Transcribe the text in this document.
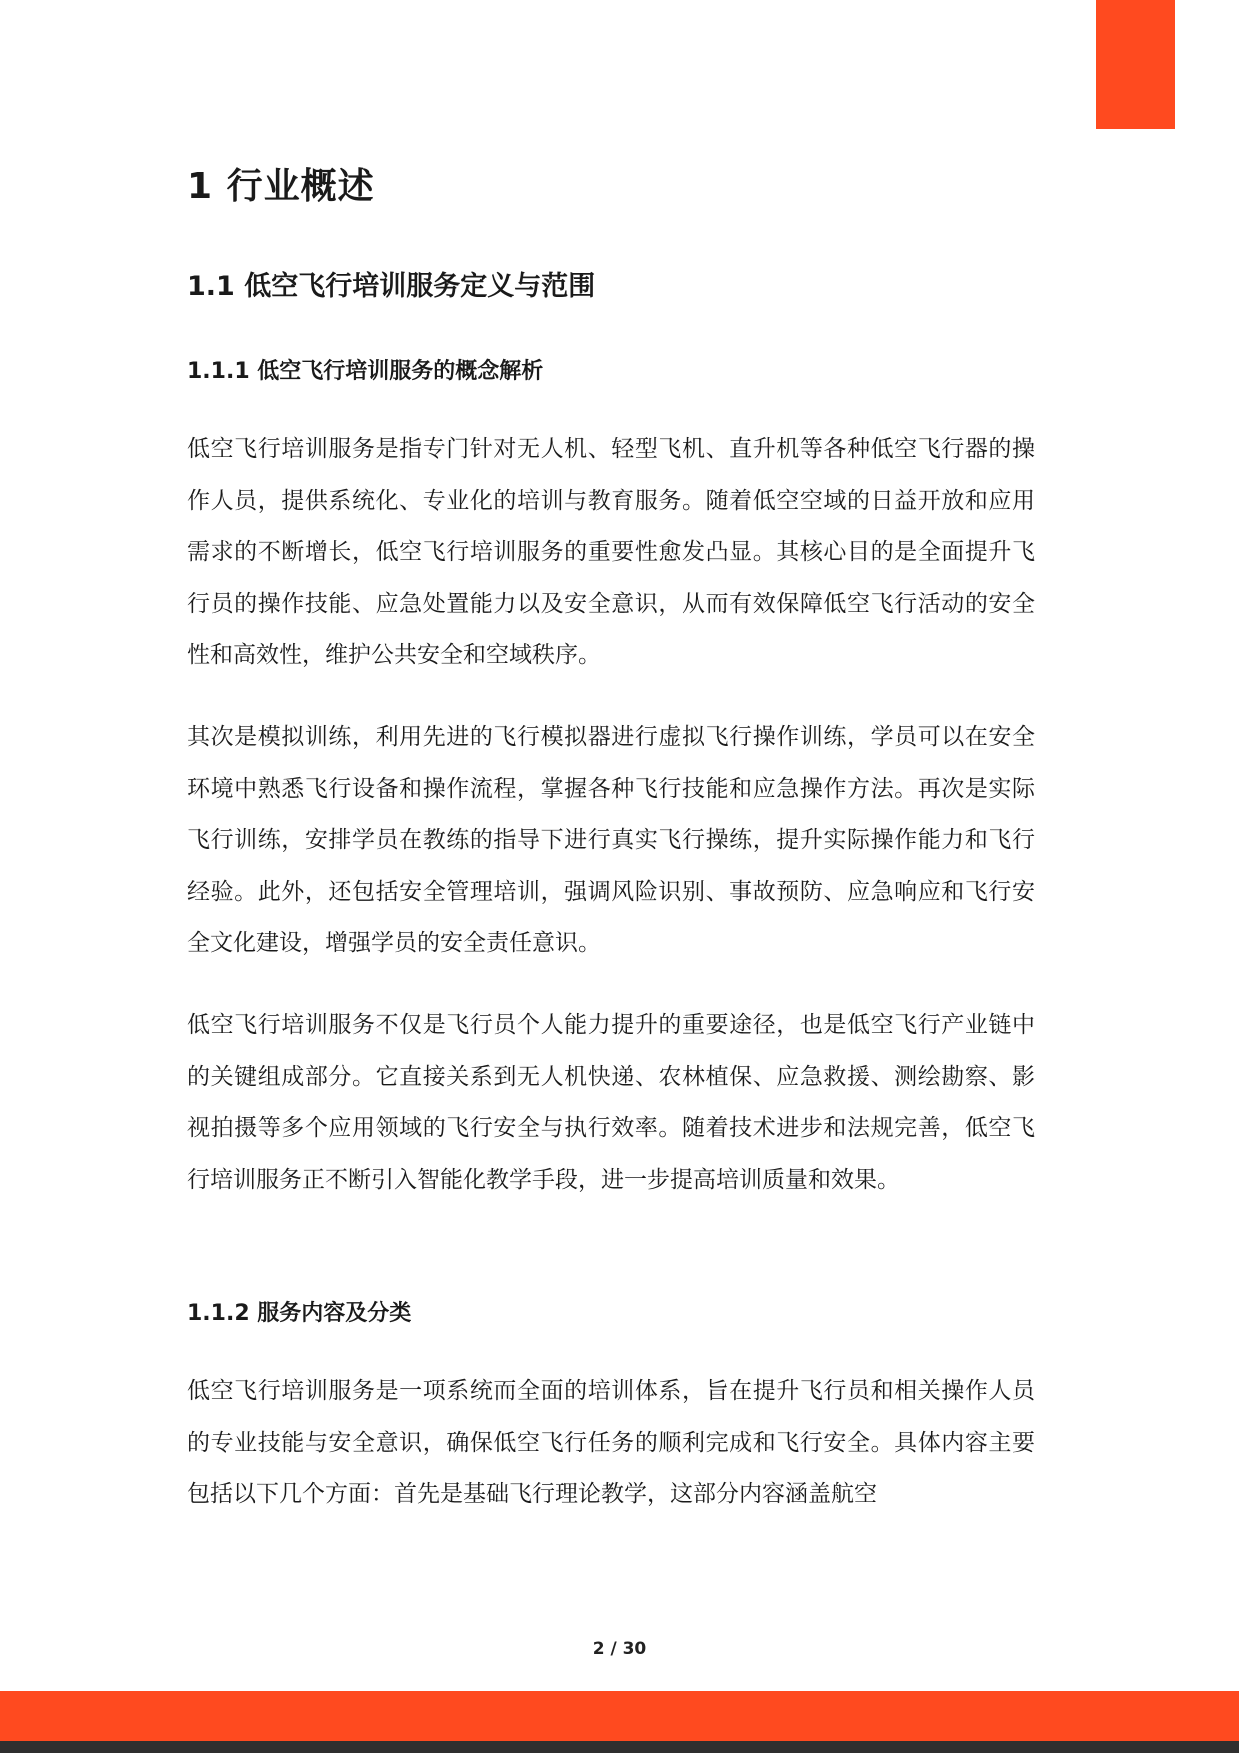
1 行业概述
1.1 低空飞行培训服务定义与范围
1.1.1 低空飞行培训服务的概念解析

低空飞行培训服务是指专门针对无人机、轻型飞机、直升机等各种低空飞行器的操作人员，提供系统化、专业化的培训与教育服务。随着低空空域的日益开放和应用需求的不断增长，低空飞行培训服务的重要性愈发凸显。其核心目的是全面提升飞行员的操作技能、应急处置能力以及安全意识，从而有效保障低空飞行活动的安全性和高效性，维护公共安全和空域秩序。

其次是模拟训练，利用先进的飞行模拟器进行虚拟飞行操作训练，学员可以在安全环境中熟悉飞行设备和操作流程，掌握各种飞行技能和应急操作方法。再次是实际飞行训练，安排学员在教练的指导下进行真实飞行操练，提升实际操作能力和飞行经验。此外，还包括安全管理培训，强调风险识别、事故预防、应急响应和飞行安全文化建设，增强学员的安全责任意识。

低空飞行培训服务不仅是飞行员个人能力提升的重要途径，也是低空飞行产业链中的关键组成部分。它直接关系到无人机快递、农林植保、应急救援、测绘勘察、影视拍摄等多个应用领域的飞行安全与执行效率。随着技术进步和法规完善，低空飞行培训服务正不断引入智能化教学手段，进一步提高培训质量和效果。

1.1.2 服务内容及分类

低空飞行培训服务是一项系统而全面的培训体系，旨在提升飞行员和相关操作人员的专业技能与安全意识，确保低空飞行任务的顺利完成和飞行安全。具体内容主要包括以下几个方面：首先是基础飞行理论教学，这部分内容涵盖航空

2 / 30
